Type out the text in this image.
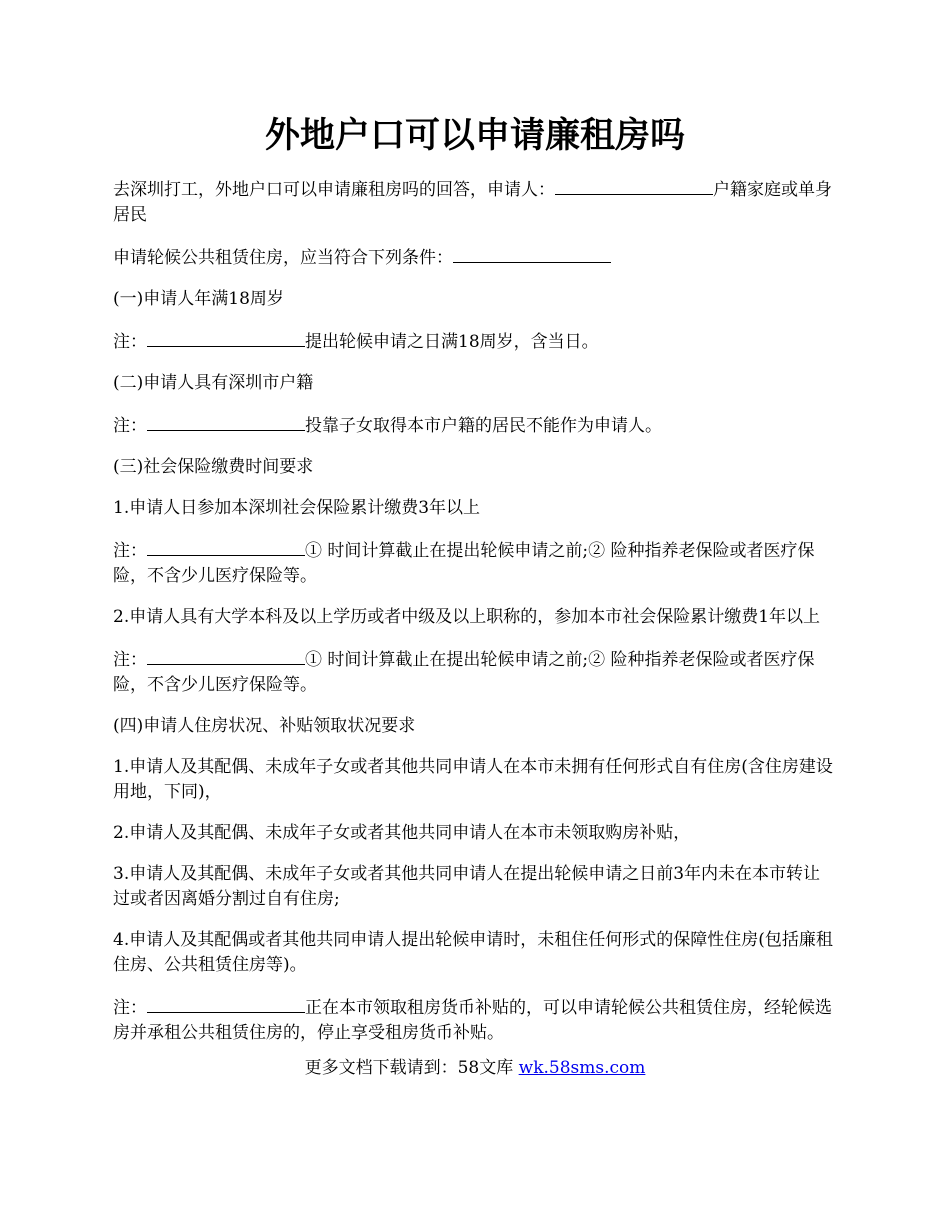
外地户口可以申请廉租房吗

去深圳打工，外地户口可以申请廉租房吗的回答，申请人：	户籍家庭或单身居民

申请轮候公共租赁住房，应当符合下列条件：

(一)申请人年满18周岁

注：	提出轮候申请之日满18周岁，含当日。

(二)申请人具有深圳市户籍

注：	投靠子女取得本市户籍的居民不能作为申请人。

(三)社会保险缴费时间要求

1.申请人日参加本深圳社会保险累计缴费3年以上

注：	① 时间计算截止在提出轮候申请之前;② 险种指养老保险或者医疗保险，不含少儿医疗保险等。

2.申请人具有大学本科及以上学历或者中级及以上职称的，参加本市社会保险累计缴费1年以上

注：	① 时间计算截止在提出轮候申请之前;② 险种指养老保险或者医疗保险，不含少儿医疗保险等。

(四)申请人住房状况、补贴领取状况要求

1.申请人及其配偶、未成年子女或者其他共同申请人在本市未拥有任何形式自有住房(含住房建设用地，下同)，

2.申请人及其配偶、未成年子女或者其他共同申请人在本市未领取购房补贴，

3.申请人及其配偶、未成年子女或者其他共同申请人在提出轮候申请之日前3年内未在本市转让过或者因离婚分割过自有住房;

4.申请人及其配偶或者其他共同申请人提出轮候申请时，未租住任何形式的保障性住房(包括廉租住房、公共租赁住房等)。

注：	正在本市领取租房货币补贴的，可以申请轮候公共租赁住房，经轮候选房并承租公共租赁住房的，停止享受租房货币补贴。

更多文档下载请到：58文库 wk.58sms.com
